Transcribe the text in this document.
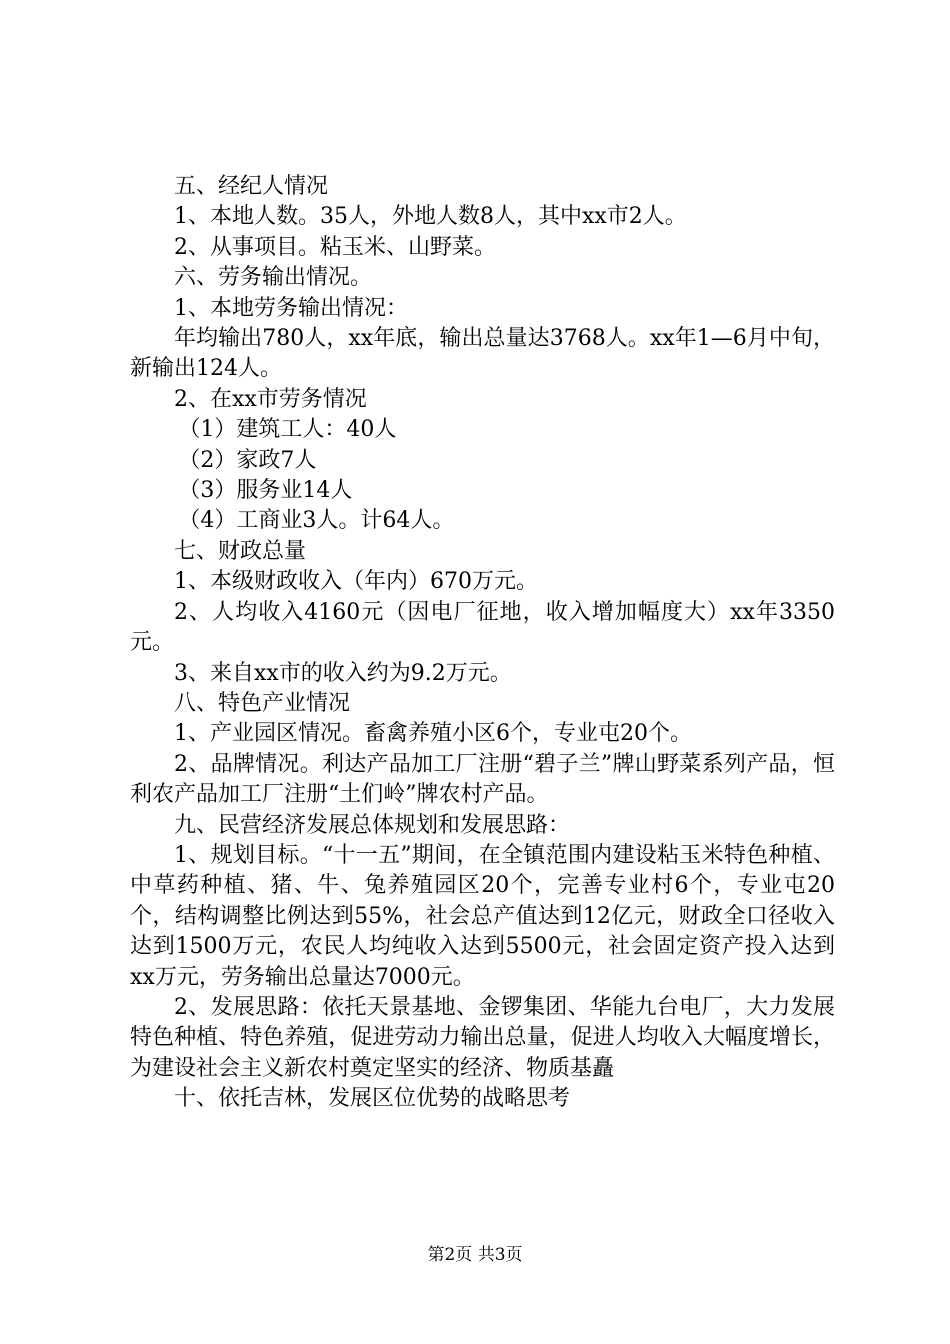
五、经纪人情况

1、本地人数。35人，外地人数8人，其中xx市2人。

2、从事项目。粘玉米、山野菜。

六、劳务输出情况。

1、本地劳务输出情况：

年均输出780人，xx年底，输出总量达3768人。xx年1—6月中旬，新输出124人。

2、在xx市劳务情况

（1）建筑工人：40人

（2）家政7人

（3）服务业14人

（4）工商业3人。计64人。

七、财政总量

1、本级财政收入（年内）670万元。

2、人均收入4160元（因电厂征地，收入增加幅度大）xx年3350元。

3、来自xx市的收入约为9.2万元。

八、特色产业情况

1、产业园区情况。畜禽养殖小区6个，专业屯20个。

2、品牌情况。利达产品加工厂注册“碧子兰”牌山野菜系列产品，恒利农产品加工厂注册“土们岭”牌农村产品。

九、民营经济发展总体规划和发展思路：

1、规划目标。“十一五”期间，在全镇范围内建设粘玉米特色种植、中草药种植、猪、牛、兔养殖园区20个，完善专业村6个，专业屯20个，结构调整比例达到55%，社会总产值达到12亿元，财政全口径收入达到1500万元，农民人均纯收入达到5500元，社会固定资产投入达到xx万元，劳务输出总量达7000元。

2、发展思路：依托天景基地、金锣集团、华能九台电厂，大力发展特色种植、特色养殖，促进劳动力输出总量，促进人均收入大幅度增长，为建设社会主义新农村奠定坚实的经济、物质基矗

十、依托吉林，发展区位优势的战略思考

第2页 共3页
